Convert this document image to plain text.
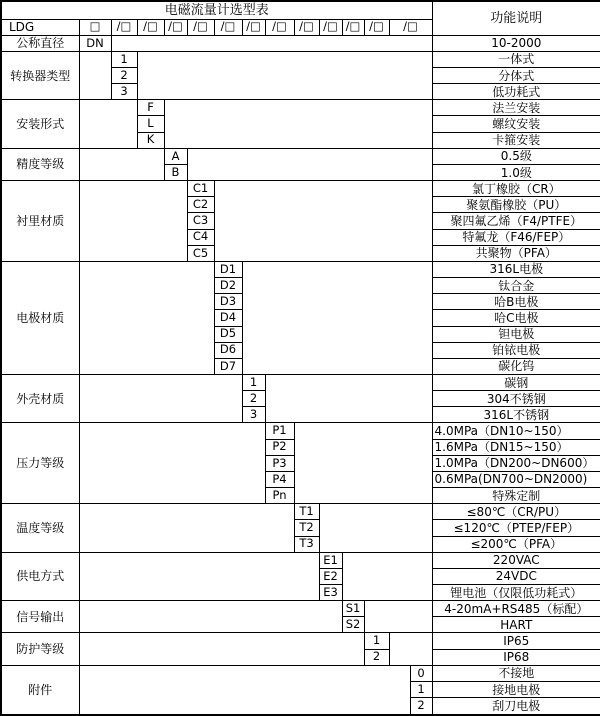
电磁流量计选型表															功能说明
LDG	□	/□	/□	/□	/□	/□	/□	/□	/□	/□	/□	/□	/□		
公称直径	DN														10-2000
转换器类型		1													一体式
		2													分体式
		3													低功耗式
安装形式			F												法兰安装
			L												螺纹安装
			K												卡箍安装
精度等级				A											0.5级
				B											1.0级
衬里材质					C1										氯丁橡胶（CR）
					C2										聚氨酯橡胶（PU）
					C3										聚四氟乙烯（F4/PTFE）
					C4										特氟龙（F46/FEP）
					C5										共聚物（PFA）
电极材质						D1									316L电极
						D2									钛合金
						D3									哈B电极
						D4									哈C电极
						D5									钽电极
						D6									铂铱电极
						D7									碳化钨
外壳材质							1								碳钢
							2								304不锈钢
							3								316L不锈钢
压力等级								P1							4.0MPa（DN10~150）
								P2							1.6MPa（DN15~150）
								P3							1.0MPa（DN200~DN600）
								P4							0.6MPa(DN700~DN2000)
								Pn							特殊定制
温度等级									T1						≤80℃（CR/PU）
									T2						≤120℃（PTEP/FEP）
									T3						≤200℃（PFA）
供电方式										E1					220VAC
										E2					24VDC
										E3					锂电池（仅限低功耗式）
信号输出											S1				4-20mA+RS485（标配）
											S2				HART
防护等级												1			IP65
												2			IP68
附件														0	不接地
														1	接地电极
														2	刮刀电极
